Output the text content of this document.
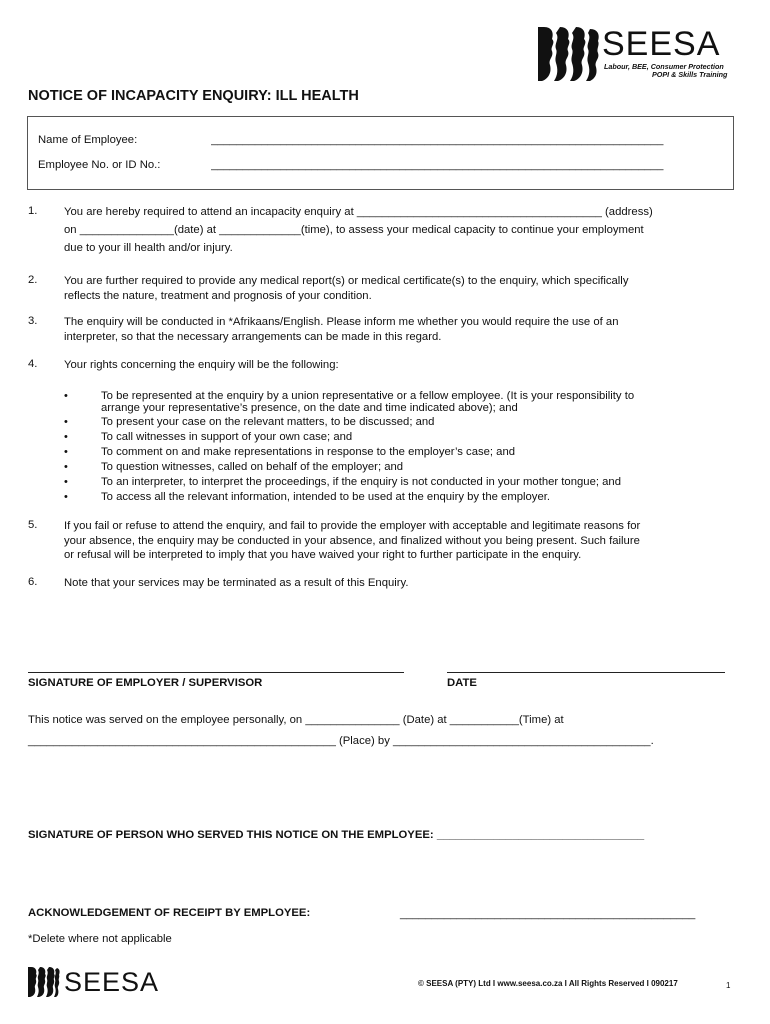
SEESA
Labour, BEE, Consumer Protection
POPI & Skills Training
NOTICE OF INCAPACITY ENQUIRY: ILL HEALTH
Name of Employee:	________________________________________________________________________
Employee No. or ID No.:	________________________________________________________________________
1. You are hereby required to attend an incapacity enquiry at _______________________________________ (address)
on _______________(date) at _____________(time), to assess your medical capacity to continue your employment
due to your ill health and/or injury.
2. You are further required to provide any medical report(s) or medical certificate(s) to the enquiry, which specifically
reflects the nature, treatment and prognosis of your condition.
3. The enquiry will be conducted in *Afrikaans/English. Please inform me whether you would require the use of an
interpreter, so that the necessary arrangements can be made in this regard.
4. Your rights concerning the enquiry will be the following:
•	To be represented at the enquiry by a union representative or a fellow employee. (It is your responsibility to
arrange your representative’s presence, on the date and time indicated above); and
•	To present your case on the relevant matters, to be discussed; and
•	To call witnesses in support of your own case; and
•	To comment on and make representations in response to the employer’s case; and
•	To question witnesses, called on behalf of the employer; and
•	To an interpreter, to interpret the proceedings, if the enquiry is not conducted in your mother tongue; and
•	To access all the relevant information, intended to be used at the enquiry by the employer.
5. If you fail or refuse to attend the enquiry, and fail to provide the employer with acceptable and legitimate reasons for
your absence, the enquiry may be conducted in your absence, and finalized without you being present. Such failure
or refusal will be interpreted to imply that you have waived your right to further participate in the enquiry.
6. Note that your services may be terminated as a result of this Enquiry.
SIGNATURE OF EMPLOYER / SUPERVISOR	DATE
This notice was served on the employee personally, on _______________ (Date) at ___________(Time) at
_________________________________________________ (Place) by _________________________________________.
SIGNATURE OF PERSON WHO SERVED THIS NOTICE ON THE EMPLOYEE: _________________________________
ACKNOWLEDGEMENT OF RECEIPT BY EMPLOYEE:	_______________________________________________
*Delete where not applicable
SEESA	© SEESA (PTY) Ltd I www.seesa.co.za I All Rights Reserved I 090217	1
